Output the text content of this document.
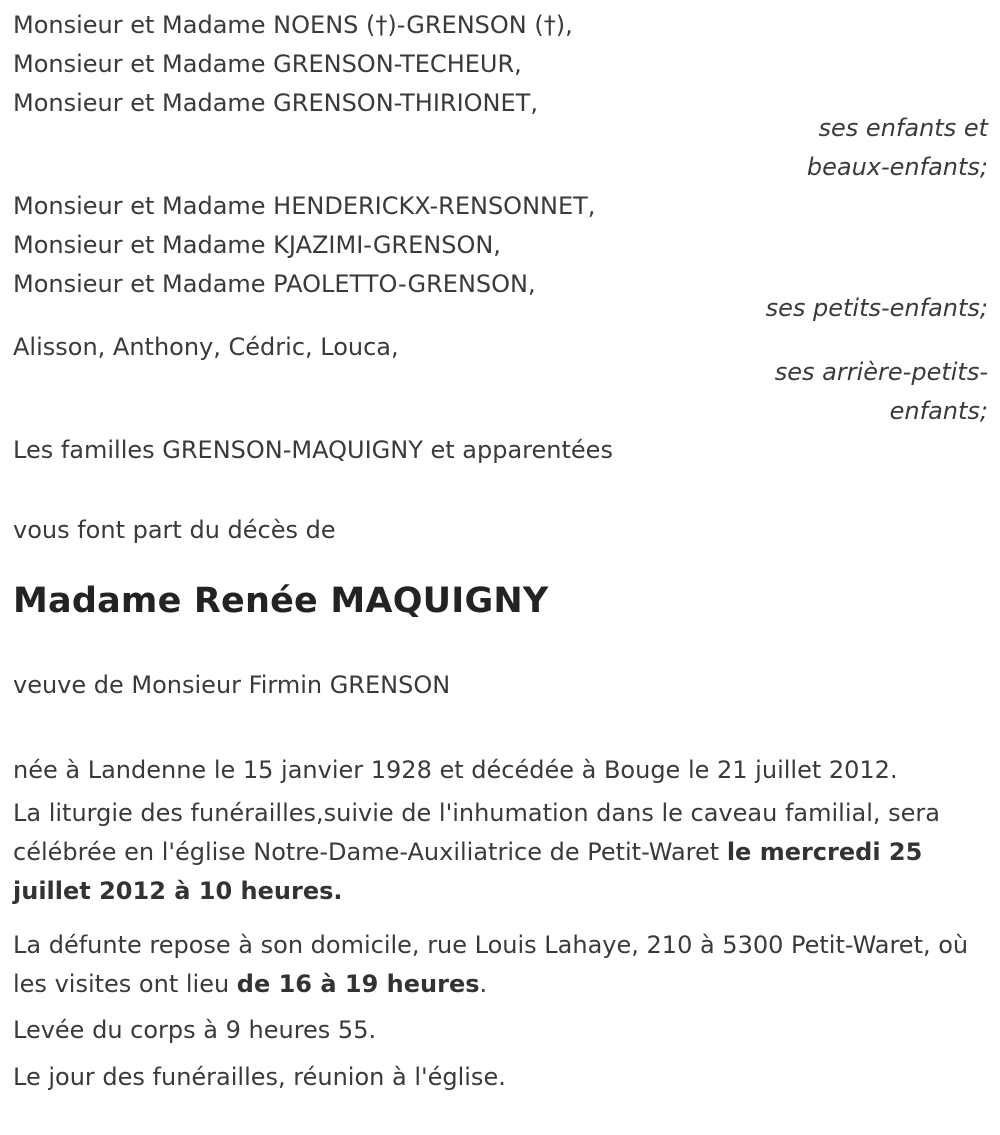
Monsieur et Madame NOENS (†)-GRENSON (†),
Monsieur et Madame GRENSON-TECHEUR,
Monsieur et Madame GRENSON-THIRIONET,
ses enfants et
beaux-enfants;
Monsieur et Madame HENDERICKX-RENSONNET,
Monsieur et Madame KJAZIMI-GRENSON,
Monsieur et Madame PAOLETTO-GRENSON,
ses petits-enfants;
Alisson, Anthony, Cédric, Louca,
ses arrière-petits-
enfants;
Les familles GRENSON-MAQUIGNY et apparentées
vous font part du décès de
Madame Renée MAQUIGNY
veuve de Monsieur Firmin GRENSON
née à Landenne le 15 janvier 1928 et décédée à Bouge le 21 juillet 2012.

La liturgie des funérailles,suivie de l'inhumation dans le caveau familial, sera célébrée en l'église Notre-Dame-Auxiliatrice de Petit-Waret le mercredi 25 juillet 2012 à 10 heures.

La défunte repose à son domicile, rue Louis Lahaye, 210 à 5300 Petit-Waret, où les visites ont lieu de 16 à 19 heures.

Levée du corps à 9 heures 55.

Le jour des funérailles, réunion à l'église.
